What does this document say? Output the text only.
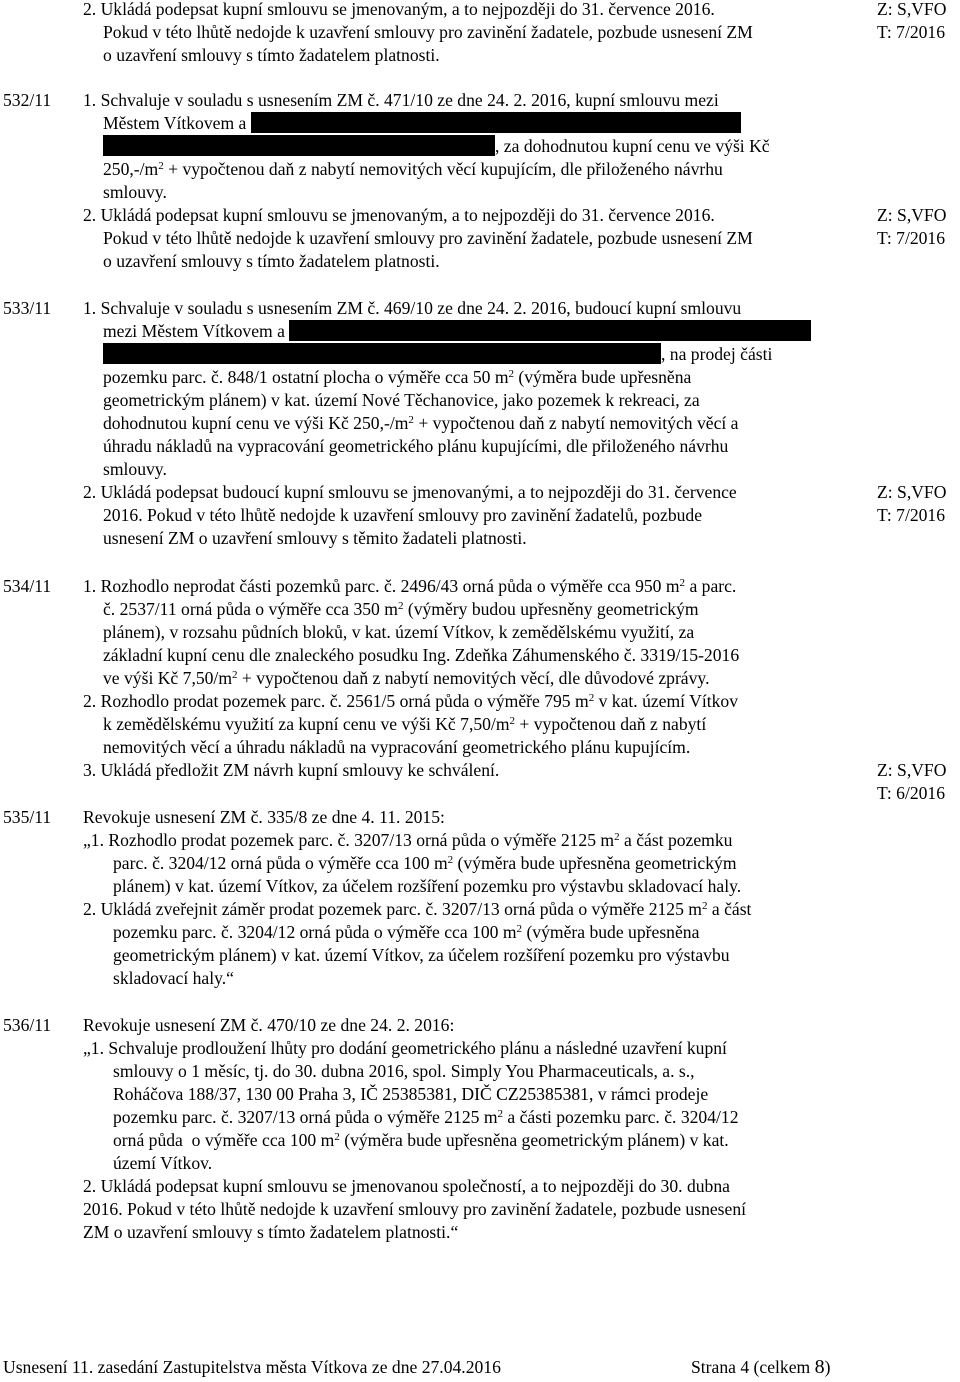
2. Ukládá podepsat kupní smlouvu se jmenovaným, a to nejpozději do 31. července 2016.
Pokud v této lhůtě nedojde k uzavření smlouvy pro zavinění žadatele, pozbude usnesení ZM
o uzavření smlouvy s tímto žadatelem platnosti.
Z: S,VFO
T: 7/2016
532/11 1. Schvaluje v souladu s usnesením ZM č. 471/10 ze dne 24. 2. 2016, kupní smlouvu mezi
Městem Vítkovem a
, za dohodnutou kupní cenu ve výši Kč
$250,-/m^2$ + vypočtenou daň z nabytí nemovitých věcí kupujícím, dle přiloženého návrhu
smlouvy.
2. Ukládá podepsat kupní smlouvu se jmenovaným, a to nejpozději do 31. července 2016.
Pokud v této lhůtě nedojde k uzavření smlouvy pro zavinění žadatele, pozbude usnesení ZM
o uzavření smlouvy s tímto žadatelem platnosti.
Z: S,VFO
T: 7/2016
533/11 1. Schvaluje v souladu s usnesením ZM č. 469/10 ze dne 24. 2. 2016, budoucí kupní smlouvu
mezi Městem Vítkovem a
, na prodej části
pozemku parc. č. 848/1 ostatní plocha o výměře cca 50 $m^2$ (výměra bude upřesněna
geometrickým plánem) v kat. území Nové Těchanovice, jako pozemek k rekreaci, za
dohodnutou kupní cenu ve výši Kč $250,-/m^2$ + vypočtenou daň z nabytí nemovitých věcí a
úhradu nákladů na vypracování geometrického plánu kupujícími, dle přiloženého návrhu
smlouvy.
2. Ukládá podepsat budoucí kupní smlouvu se jmenovanými, a to nejpozději do 31. července
2016. Pokud v této lhůtě nedojde k uzavření smlouvy pro zavinění žadatelů, pozbude
usnesení ZM o uzavření smlouvy s těmito žadateli platnosti.
Z: S,VFO
T: 7/2016
534/11 1. Rozhodlo neprodat části pozemků parc. č. 2496/43 orná půda o výměře cca 950 $m^2$ a parc.
č. 2537/11 orná půda o výměře cca 350 $m^2$ (výměry budou upřesněny geometrickým
plánem), v rozsahu půdních bloků, v kat. území Vítkov, k zemědělskému využití, za
základní kupní cenu dle znaleckého posudku Ing. Zdeňka Záhumenského č. 3319/15-2016
ve výši Kč $7,50/m^2$ + vypočtenou daň z nabytí nemovitých věcí, dle důvodové zprávy.
2. Rozhodlo prodat pozemek parc. č. 2561/5 orná půda o výměře 795 $m^2$ v kat. území Vítkov
k zemědělskému využití za kupní cenu ve výši Kč $7,50/m^2$ + vypočtenou daň z nabytí
nemovitých věcí a úhradu nákladů na vypracování geometrického plánu kupujícím.
3. Ukládá předložit ZM návrh kupní smlouvy ke schválení.	Z: S,VFO
T: 6/2016
535/11 Revokuje usnesení ZM č. 335/8 ze dne 4. 11. 2015:
„1. Rozhodlo prodat pozemek parc. č. 3207/13 orná půda o výměře 2125 $m^2$ a část pozemku
parc. č. 3204/12 orná půda o výměře cca 100 $m^2$ (výměra bude upřesněna geometrickým
plánem) v kat. území Vítkov, za účelem rozšíření pozemku pro výstavbu skladovací haly.
2. Ukládá zveřejnit záměr prodat pozemek parc. č. 3207/13 orná půda o výměře 2125 $m^2$ a část
pozemku parc. č. 3204/12 orná půda o výměře cca 100 $m^2$ (výměra bude upřesněna
geometrickým plánem) v kat. území Vítkov, za účelem rozšíření pozemku pro výstavbu
skladovací haly.“
536/11 Revokuje usnesení ZM č. 470/10 ze dne 24. 2. 2016:
„1. Schvaluje prodloužení lhůty pro dodání geometrického plánu a následné uzavření kupní
smlouvy o 1 měsíc, tj. do 30. dubna 2016, spol. Simply You Pharmaceuticals, a. s.,
Roháčova 188/37, 130 00 Praha 3, IČ 25385381, DIČ CZ25385381, v rámci prodeje
pozemku parc. č. 3207/13 orná půda o výměře 2125 $m^2$ a části pozemku parc. č. 3204/12
orná půda  o výměře cca 100 $m^2$ (výměra bude upřesněna geometrickým plánem) v kat.
území Vítkov.
2. Ukládá podepsat kupní smlouvu se jmenovanou společností, a to nejpozději do 30. dubna
2016. Pokud v této lhůtě nedojde k uzavření smlouvy pro zavinění žadatele, pozbude usnesení
ZM o uzavření smlouvy s tímto žadatelem platnosti.“
Usnesení 11. zasedání Zastupitelstva města Vítkova ze dne 27.04.2016	Strana 4 (celkem 8)
